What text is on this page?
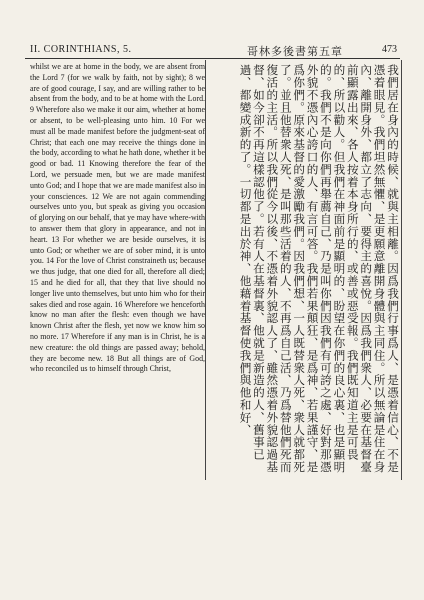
II. CORINTHIANS, 5.	哥林多後書第五章	473

whilst we are at home in the body, we are absent from the Lord 7 (for we walk by faith, not by sight); 8 we are of good courage, I say, and are willing rather to be absent from the body, and to be at home with the Lord. 9 Wherefore also we make it our aim, whether at home or absent, to be well-pleasing unto him. 10 For we must all be made manifest before the judgment-seat of Christ; that each one may receive the things done in the body, according to what he hath done, whether it be good or bad. 11 Knowing therefore the fear of the Lord, we persuade men, but we are made manifest unto God; and I hope that we are made manifest also in your consciences. 12 We are not again commending ourselves unto you, but speak as giving you occasion of glorying on our behalf, that ye may have where-with to answer them that glory in appearance, and not in heart. 13 For whether we are beside ourselves, it is unto God; or whether we are of sober mind, it is unto you. 14 For the love of Christ constraineth us; because we thus judge, that one died for all, therefore all died; 15 and he died for all, that they that live should no longer live unto themselves, but unto him who for their sakes died and rose again. 16 Wherefore we henceforth know no man after the flesh: even though we have known Christ after the flesh, yet now we know him so no more. 17 Wherefore if any man is in Christ, he is a new creature: the old things are passed away; behold, they are become new. 18 But all things are of God, who reconciled us to himself through Christ,	我們居在身內的時候、就與主相離。因爲我們行事爲人、是憑着信心、不是憑着眼見。我們坦然無懼、是更願意離開身體與主同住。所以無論是住在身內、離開身外、都立了志向、要得主的喜悅。因爲我們衆人、必要在基督臺前顯露出來、各人按着本身所行的、或善或惡受報。我們既知道主是可畏的、所以勸人。但我們在神面前是顯明的、盼望在你們的良心裏、也是顯明的。我們不是向你們再舉薦自己、乃是叫你們因我們有可誇之處、好對那憑外貌不憑內心誇口的人、有言可答。我們若果顛狂、是爲神、若果謹守、是爲你們。原來基督的愛激勵我們。因我們想、一人既替衆人死、衆人就都死了。並且他替衆人死、是叫那些活着的人、不再爲自己活、乃爲替他們死而復活的主活。所以我們從今以後、不憑着外貌認人了、雖然憑着外貌認過基督、如今卻不再這樣認他了。若有人在基督裏、他就是新造的人、舊事已過、都變成新的了。一切都是出於神、他藉着基督使我們與他和好、
